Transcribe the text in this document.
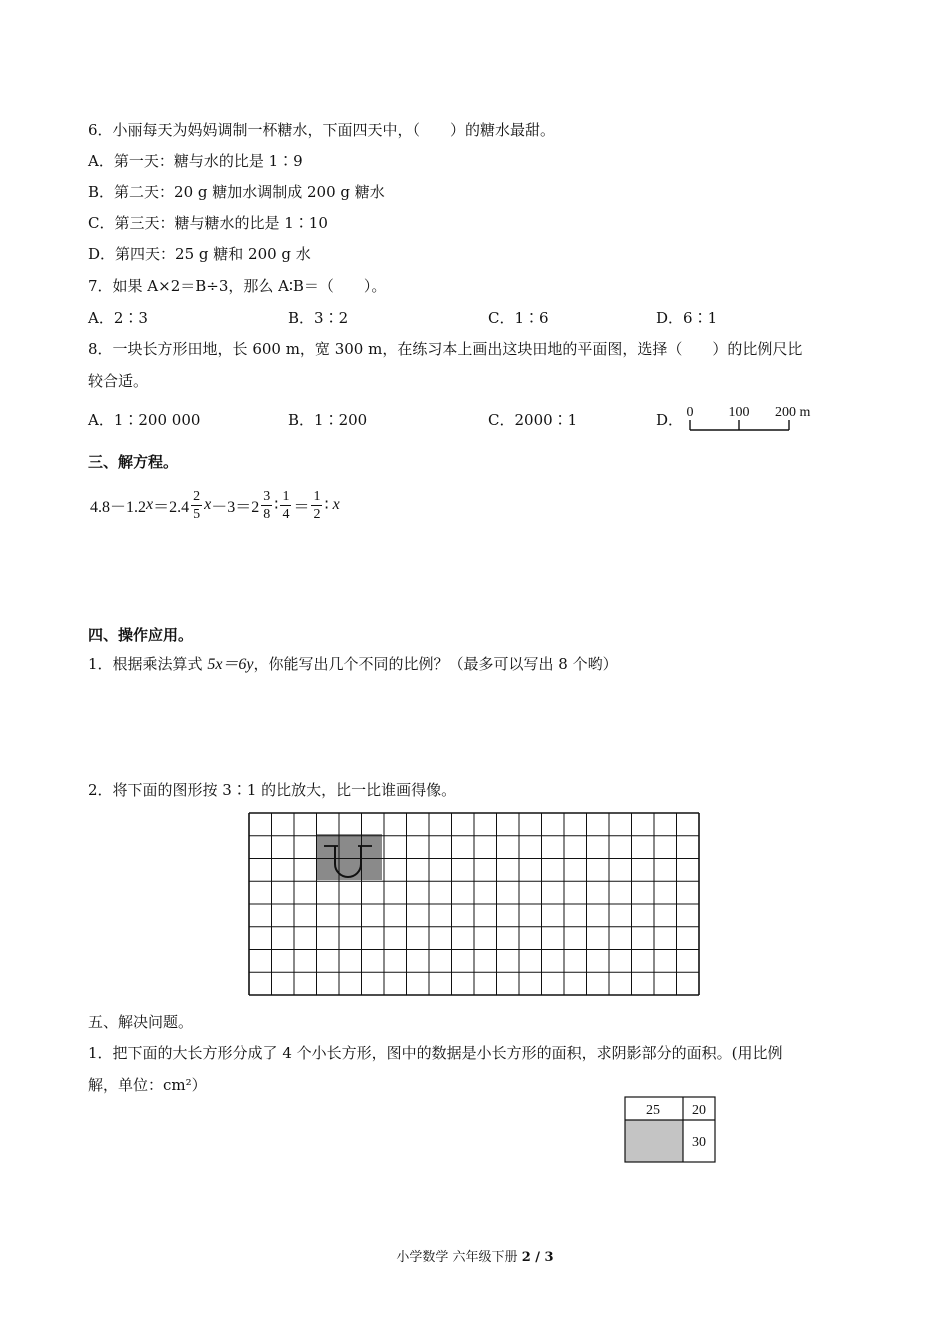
6．小丽每天为妈妈调制一杯糖水，下面四天中，（　　）的糖水最甜。
A．第一天：糖与水的比是 1∶9
B．第二天：20 g 糖加水调制成 200 g 糖水
C．第三天：糖与糖水的比是 1∶10
D．第四天：25 g 糖和 200 g 水
7．如果 A×2＝B÷3，那么 A∶B＝（　　）。
A．2∶3	B．3∶2	C．1∶6	D．6∶1
8．一块长方形田地，长 600 m，宽 300 m，在练习本上画出这块田地的平面图，选择（　　）的比例尺比
较合适。
A．1∶200 000	B．1∶200	C．2000∶1	D． 0	100 200 m
三、解方程。
4.8－1.2 $x =2.4 \frac{2}{5}$ $x -3=2 \frac{3}{8}$ ∶ $\frac{1}{4} = \frac{1}{2}$ ∶ x
四、操作应用。
1．根据乘法算式 5x＝6y，你能写出几个不同的比例？（最多可以写出 8 个哟）
2．将下面的图形按 3∶1 的比放大，比一比谁画得像。
五、解决问题。
1．把下面的大长方形分成了 4 个小长方形，图中的数据是小长方形的面积，求阴影部分的面积。(用比例
解，单位：cm²）
25 20
30
小学数学 六年级下册 2 / 3
